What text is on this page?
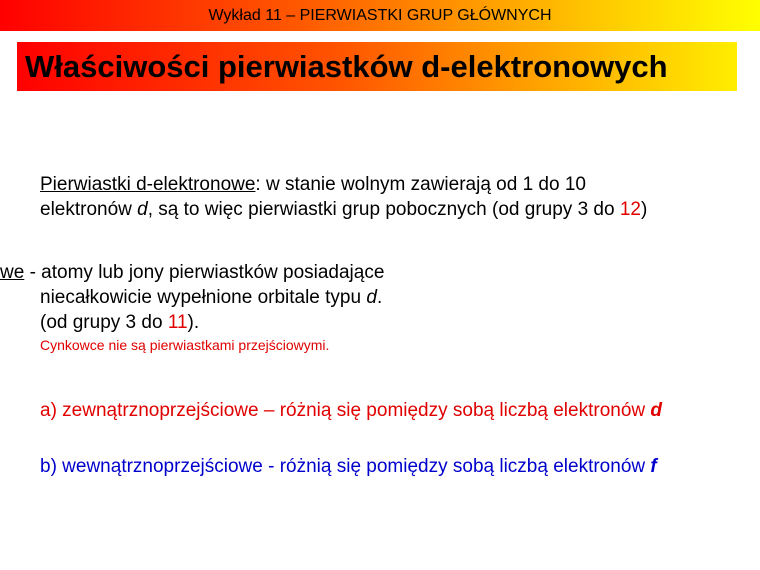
Wykład 11 – PIERWIASTKI GRUP GŁÓWNYCH
Właściwości pierwiastków d-elektronowych
Pierwiastki d-elektronowe: w stanie wolnym zawierają od 1 do 10
elektronów d, są to więc pierwiastki grup pobocznych (od grupy 3 do 12)
we - atomy lub jony pierwiastków posiadające
niecałkowicie wypełnione orbitale typu d.
(od grupy 3 do 11).
Cynkowce nie są pierwiastkami przejściowymi.
a) zewnątrznoprzejściowe – różnią się pomiędzy sobą liczbą elektronów d
b) wewnątrznoprzejściowe - różnią się pomiędzy sobą liczbą elektronów f
